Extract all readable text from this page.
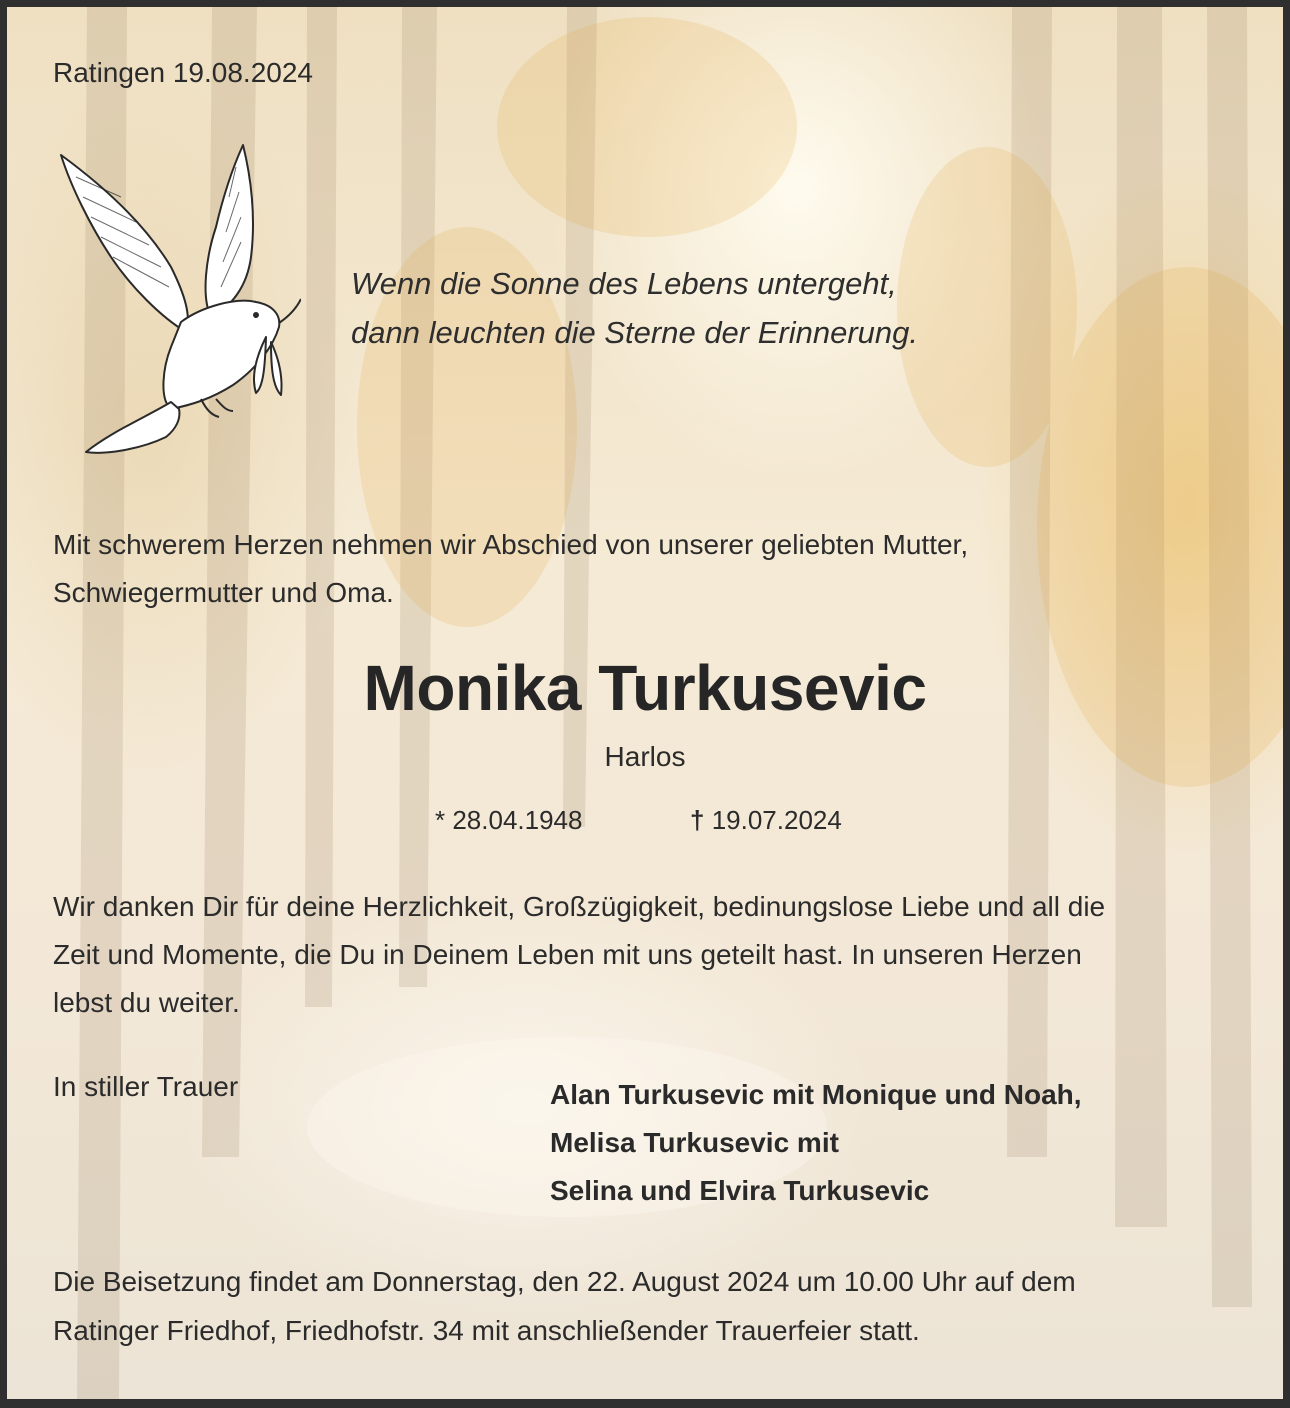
Ratingen 19.08.2024
Wenn die Sonne des Lebens untergeht,
dann leuchten die Sterne der Erinnerung.
Mit schwerem Herzen nehmen wir Abschied von unserer geliebten Mutter,
Schwiegermutter und Oma.
Monika Turkusevic
Harlos
* 28.04.1948	† 19.07.2024
Wir danken Dir für deine Herzlichkeit, Großzügigkeit, bedinungslose Liebe und all die
Zeit und Momente, die Du in Deinem Leben mit uns geteilt hast. In unseren Herzen
lebst du weiter.
In stiller Trauer	Alan Turkusevic mit Monique und Noah,
Melisa Turkusevic mit
Selina und Elvira Turkusevic
Die Beisetzung findet am Donnerstag, den 22. August 2024 um 10.00 Uhr auf dem
Ratinger Friedhof, Friedhofstr. 34 mit anschließender Trauerfeier statt.
